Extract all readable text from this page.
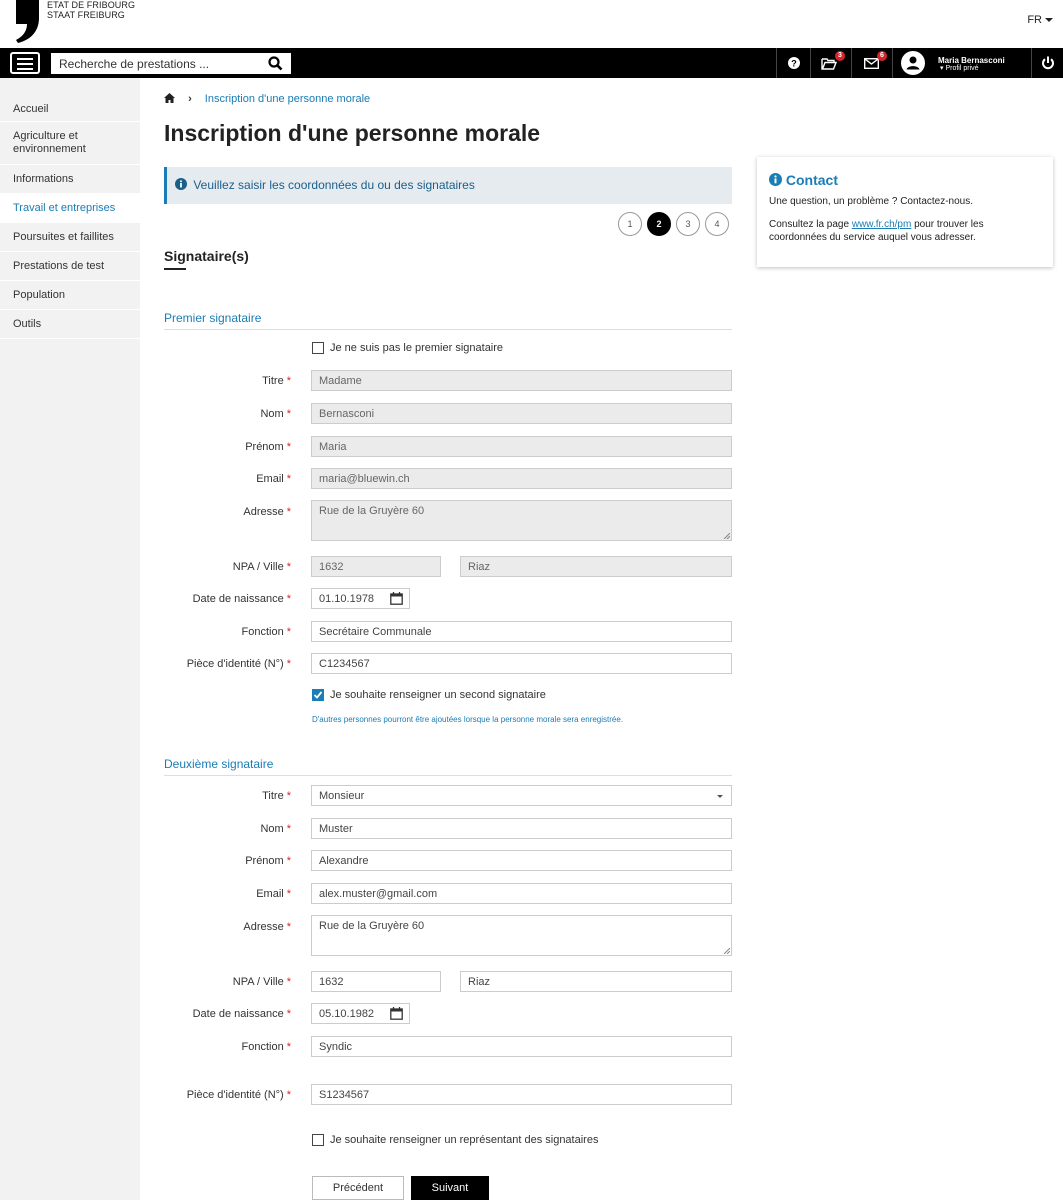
ETAT DE FRIBOURG
STAAT FREIBURG	FR
Recherche de prestations ...
?
3	6
Maria Bernasconi
▾ Profil privé
Accueil
Agriculture et environnement
Informations
Travail et entreprises
Poursuites et faillites
Prestations de test
Population
Outils
› Inscription d'une personne morale
Inscription d'une personne morale
Veuillez saisir les coordonnées du ou des signataires
1	2	3	4
Signataire(s)
Premier signataire
Je ne suis pas le premier signataire
Titre *	Madame
Nom *	Bernasconi
Prénom *	Maria
Email *	maria@bluewin.ch
Adresse *	Rue de la Gruyère 60
NPA / Ville *	1632	Riaz
Date de naissance *	01.10.1978
Fonction *	Secrétaire Communale
Pièce d'identité (N°) *	C1234567
Je souhaite renseigner un second signataire
D'autres personnes pourront être ajoutées lorsque la personne morale sera enregistrée.
Deuxième signataire
Titre *	Monsieur
Nom *	Muster
Prénom *	Alexandre
Email *	alex.muster@gmail.com
Adresse *	Rue de la Gruyère 60
NPA / Ville *	1632	Riaz
Date de naissance *	05.10.1982
Fonction *	Syndic
Pièce d'identité (N°) *	S1234567
Je souhaite renseigner un représentant des signataires
Précédent	Suivant
Contact
Une question, un problème ? Contactez-nous.
Consultez la page www.fr.ch/pm pour trouver les coordonnées du service auquel vous adresser.
